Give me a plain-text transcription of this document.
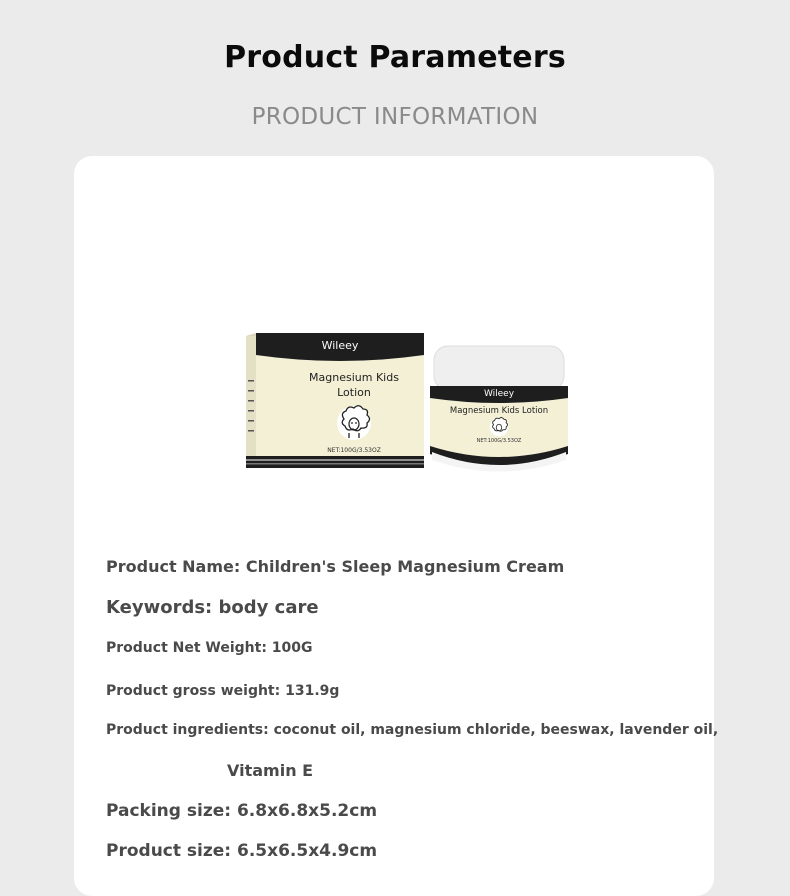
Product Parameters
PRODUCT INFORMATION
Wileey
Magnesium Kids
Lotion
NET:100G/3.53OZ
Wileey
Magnesium Kids Lotion
NET:100G/3.53OZ
Product Name: Children's Sleep Magnesium Cream
Keywords: body care
Product Net Weight: 100G
Product gross weight: 131.9g
Product ingredients: coconut oil, magnesium chloride, beeswax, lavender oil,
Vitamin E
Packing size: 6.8x6.8x5.2cm
Product size: 6.5x6.5x4.9cm
